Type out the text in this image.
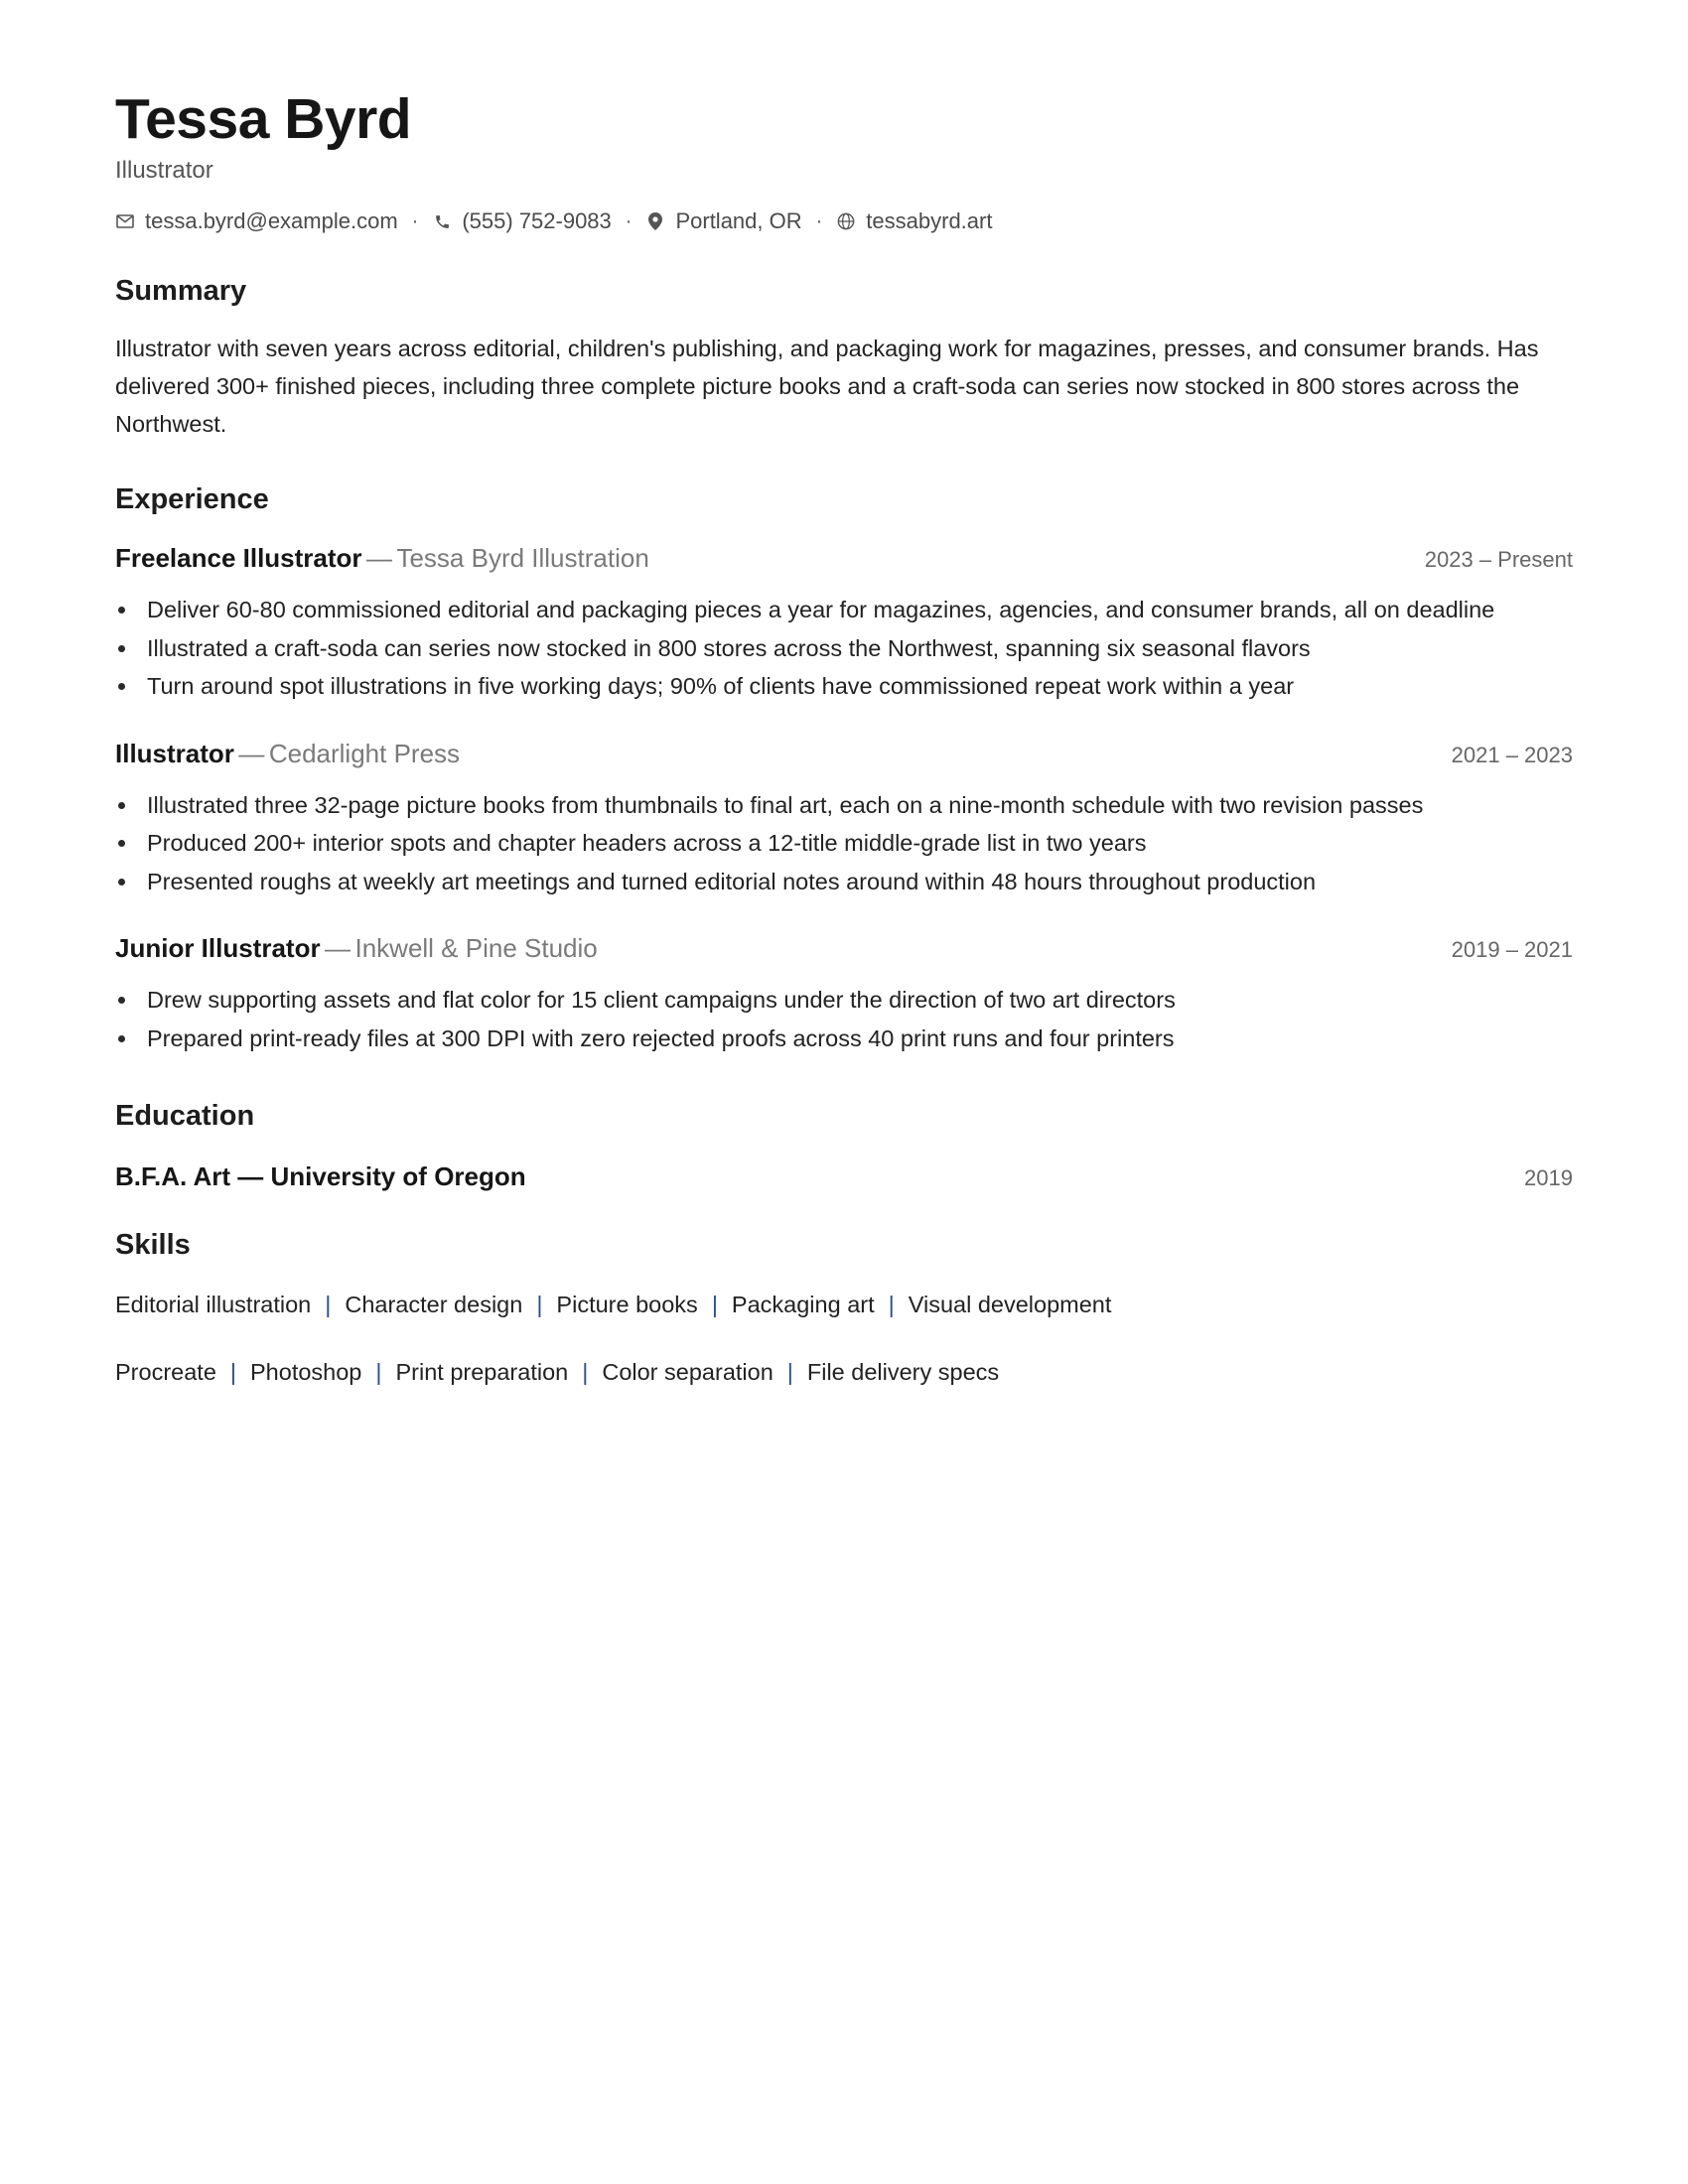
Tessa Byrd
Illustrator
tessa.byrd@example.com · (555) 752-9083 · Portland, OR · tessabyrd.art
Summary
Illustrator with seven years across editorial, children's publishing, and packaging work for magazines, presses, and consumer brands. Has delivered 300+ finished pieces, including three complete picture books and a craft-soda can series now stocked in 800 stores across the Northwest.
Experience
Freelance Illustrator — Tessa Byrd Illustration	2023 – Present
Deliver 60-80 commissioned editorial and packaging pieces a year for magazines, agencies, and consumer brands, all on deadline
Illustrated a craft-soda can series now stocked in 800 stores across the Northwest, spanning six seasonal flavors
Turn around spot illustrations in five working days; 90% of clients have commissioned repeat work within a year
Illustrator — Cedarlight Press	2021 – 2023
Illustrated three 32-page picture books from thumbnails to final art, each on a nine-month schedule with two revision passes
Produced 200+ interior spots and chapter headers across a 12-title middle-grade list in two years
Presented roughs at weekly art meetings and turned editorial notes around within 48 hours throughout production
Junior Illustrator — Inkwell & Pine Studio	2019 – 2021
Drew supporting assets and flat color for 15 client campaigns under the direction of two art directors
Prepared print-ready files at 300 DPI with zero rejected proofs across 40 print runs and four printers
Education
B.F.A. Art — University of Oregon	2019
Skills
Editorial illustration | Character design | Picture books | Packaging art | Visual development
Procreate | Photoshop | Print preparation | Color separation | File delivery specs
